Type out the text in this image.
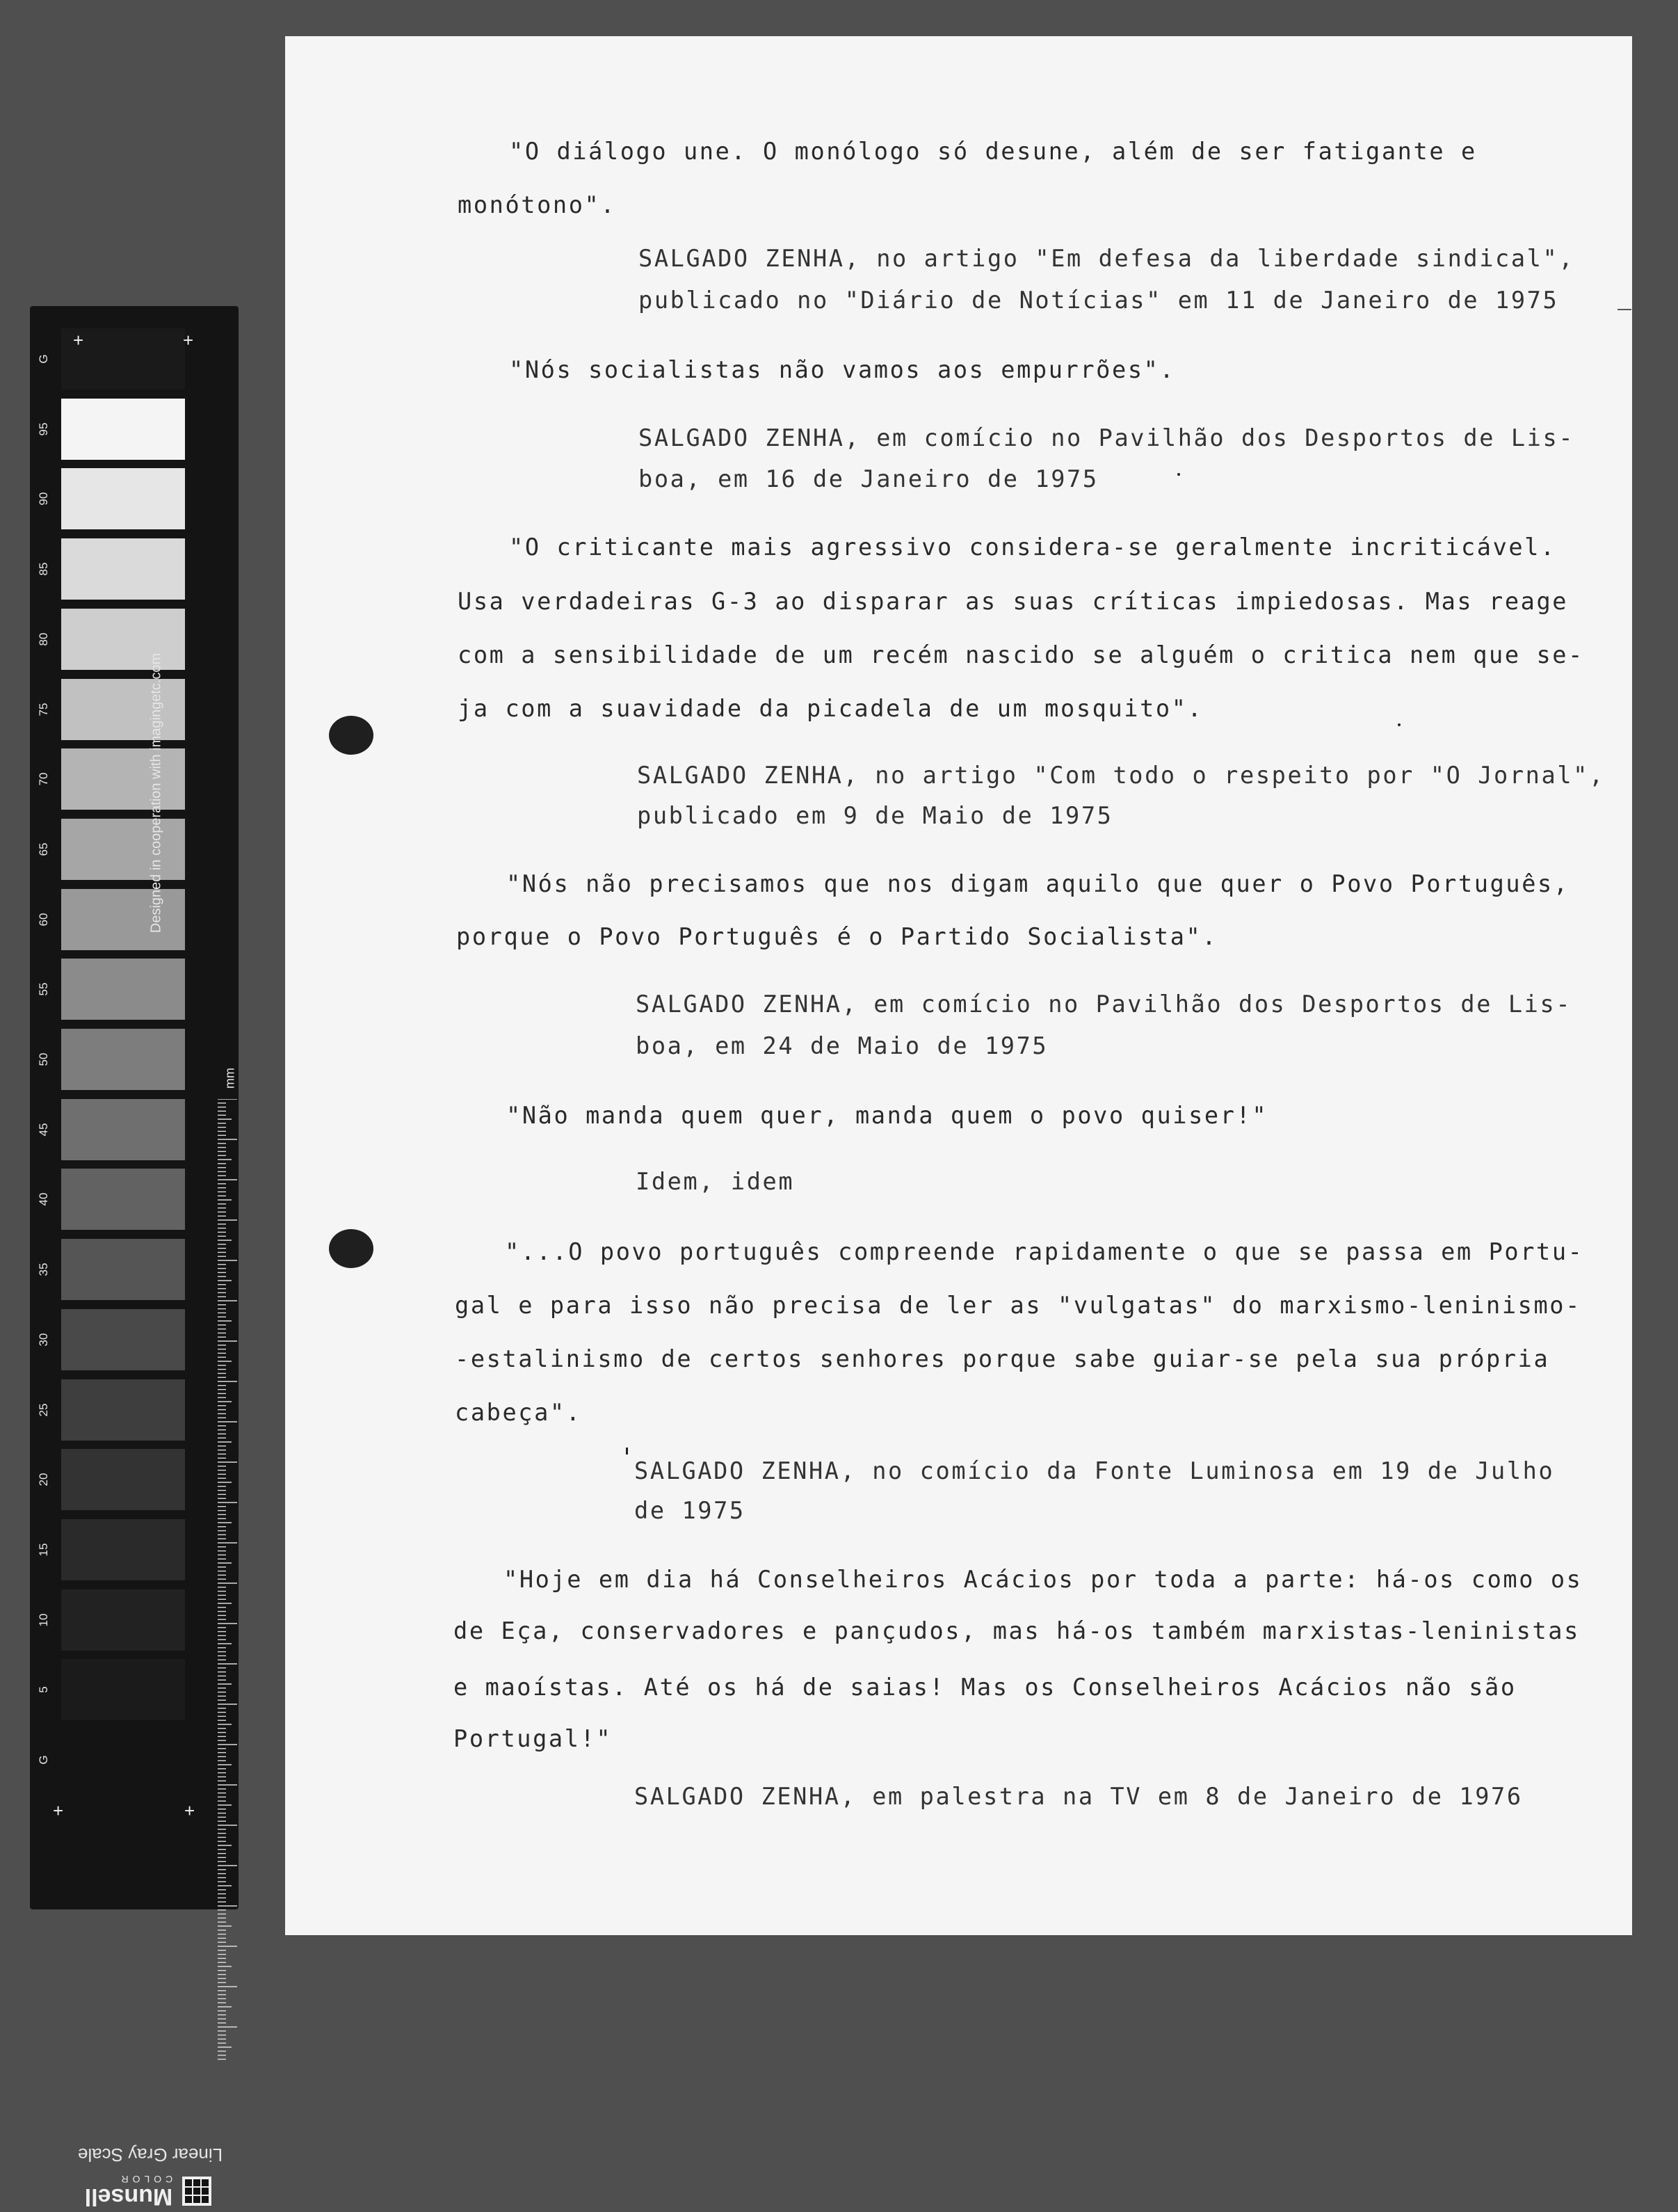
G
95
90
85
80
75
70
65
60
55
50
45
40
35
30
25
20
15
10
5
G
+	+
+	+
Designed in cooperation with imagingetc.com
mm
Linear Gray Scale
Munsell
COLOR
"O diálogo une. O monólogo só desune, além de ser fatigante e
monótono".
SALGADO ZENHA, no artigo "Em defesa da liberdade sindical",
publicado no "Diário de Notícias" em 11 de Janeiro de 1975
"Nós socialistas não vamos aos empurrões".
SALGADO ZENHA, em comício no Pavilhão dos Desportos de Lis-
boa, em 16 de Janeiro de 1975
"O criticante mais agressivo considera-se geralmente incriticável.
Usa verdadeiras G-3 ao disparar as suas críticas impiedosas. Mas reage
com a sensibilidade de um recém nascido se alguém o critica nem que se-
ja com a suavidade da picadela de um mosquito".
SALGADO ZENHA, no artigo "Com todo o respeito por "O Jornal",
publicado em 9 de Maio de 1975
"Nós não precisamos que nos digam aquilo que quer o Povo Português,
porque o Povo Português é o Partido Socialista".
SALGADO ZENHA, em comício no Pavilhão dos Desportos de Lis-
boa, em 24 de Maio de 1975
"Não manda quem quer, manda quem o povo quiser!"
Idem, idem
"...O povo português compreende rapidamente o que se passa em Portu-
gal e para isso não precisa de ler as "vulgatas" do marxismo-leninismo-
-estalinismo de certos senhores porque sabe guiar-se pela sua própria
cabeça".
SALGADO ZENHA, no comício da Fonte Luminosa em 19 de Julho
de 1975
"Hoje em dia há Conselheiros Acácios por toda a parte: há-os como os
de Eça, conservadores e pançudos, mas há-os também marxistas-leninistas
e maoístas. Até os há de saias! Mas os Conselheiros Acácios não são
Portugal!"
SALGADO ZENHA, em palestra na TV em 8 de Janeiro de 1976
